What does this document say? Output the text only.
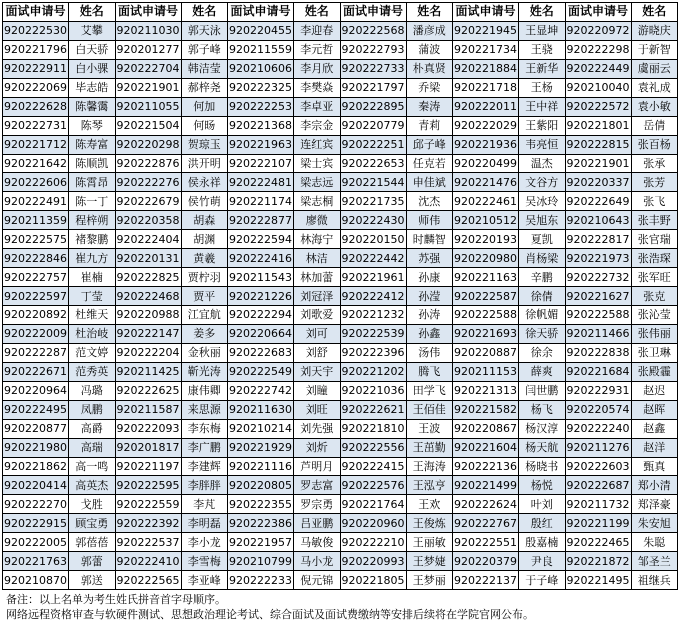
面试申请号	姓名	面试申请号	姓名	面试申请号	姓名	面试申请号	姓名	面试申请号	姓名	面试申请号	姓名
920222530	艾攀	920211030	郭天泳	920220455	李迎春	920222568	潘彦成	920221945	王显坤	920220972	游晓庆
920221796	白天骄	920201277	郭子峰	920211559	李元哲	920222793	蒲波	920221734	王骁	920222298	于新智
920222911	白小骒	920222704	韩洁莹	920210606	李月欣	920222733	朴真贤	920221884	王新华	920222449	虞丽云
920222069	毕志皓	920221901	郝梓尧	920222325	李樊焱	920221797	乔梁	920221718	王杨	920210040	袁礼成
920222628	陈馨霭	920211055	何加	920222253	李卓亚	920222895	秦涛	920222011	王中祥	920222572	袁小敏
920222731	陈琴	920221504	何旸	920221368	李宗金	920220779	青莉	920222029	王紫阳	920221801	岳倩
920221712	陈寿富	920220298	贺琼玉	920221963	连红宾	920222251	邱子峰	920221936	韦亮恒	920222815	张百杨
920221642	陈顺凯	920222876	洪开明	920222107	梁士宾	920222653	任克若	920220499	温杰	920221901	张承
920222606	陈霄昂	920222276	侯永祥	920222481	梁志远	920221544	申佳斌	920221476	文谷方	920220337	张芳
920222491	陈一丁	920222679	侯竹萌	920221174	梁志桐	920221735	沈杰	920222461	吴冰玲	920222649	张飞
920211359	程梓朔	920220358	胡森	920222877	廖微	920222430	师伟	920210512	吴旭东	920210643	张丰野
920222575	褚黎鹏	920222404	胡渊	920222594	林海宁	920220150	时麟智	920220193	夏凯	920222817	张官瑞
920222846	崔九方	920220131	黄羲	920222416	林洁	920222442	苏强	920220980	肖杨梁	920221973	张浩琛
920222757	崔楠	920222825	贾柠羽	920211543	林加蕾	920221961	孙康	920221163	辛鹏	920222732	张军旺
920222597	丁莹	920222468	贾平	920221226	刘冠泽	920222412	孙滢	920222587	徐倩	920221627	张克
920220892	杜维天	920220988	江宜航	920222294	刘歌爱	920221232	孙涛	920222588	徐帆媚	920222588	张沁莹
920222009	杜治岐	920222147	姜多	920220664	刘可	920222539	孙鑫	920221693	徐天骄	920211466	张伟丽
920222287	范文婷	920222204	金秋丽	920222683	刘舒	920222396	汤伟	920220887	徐余	920222838	张卫琳
920222671	范秀英	920211425	靳光涛	920222549	刘天宇	920221202	腾飞	920211153	薛爽	920221684	张殿霾
920220964	冯璐	920222625	康伟卿	920222742	刘瞳	920221036	田学飞	920221313	闫世鹏	920222931	赵迟
920222495	凤鹏	920211587	来思源	920211630	刘旺	920222621	王佰佳	920221582	杨飞	920220574	赵晖
920220877	高爵	920222093	李东梅	920210214	刘先强	920221810	王波	920220867	杨汉淳	920222240	赵鑫
920221980	高瑞	920201817	李广鹏	920221929	刘炘	920222556	王茁勤	920221604	杨天航	920211276	赵洋
920221862	高一鸣	920221197	李建辉	920221116	芦明月	920222415	王海涛	920222136	杨晓书	920222603	甄真
920220414	高英杰	920222595	李胖胖	920220805	罗志富	920222576	王泓亨	920221499	杨悦	920222687	郑小清
920222270	戈胜	920222559	李芃	920222355	罗宗勇	920221764	王欢	920222624	叶刘	920211732	郑泽豪
920222915	顾宝勇	920222392	李明磊	920222386	吕亚鹏	920220960	王俊炼	920222767	殷红	920221199	朱安旭
920222005	郭蓓蓓	920222537	李小龙	920221957	马敏俊	920222210	王丽敏	920222551	殷嘉楠	920222465	朱聪
920221763	郭蕾	920222410	李雪梅	920210799	马小龙	920220993	王梦婕	920220379	尹良	920221872	邹圣兰
920210870	郭送	920222565	李亚峰	920222233	倪元锦	920221805	王梦丽	920222137	于子峰	920221495	祖继兵
备注：以上名单为考生姓氏拼音首字母顺序。
网络远程资格审查与软硬件测试、思想政治理论考试、综合面试及面试费缴纳等安排后续将在学院官网公布。
